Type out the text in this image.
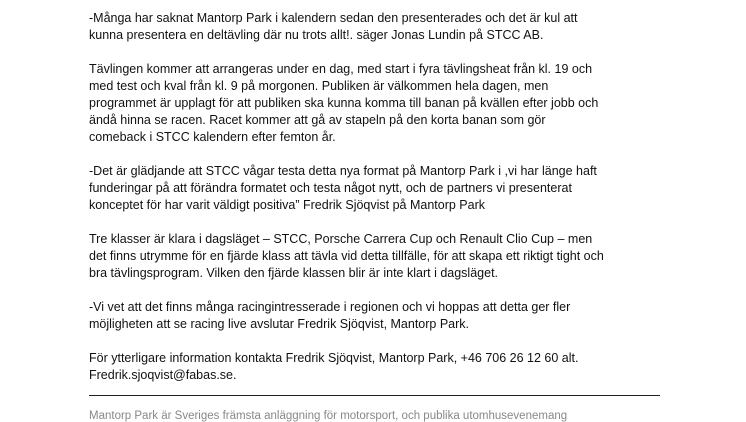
-Många har saknat Mantorp Park i kalendern sedan den presenterades och det är kul att
kunna presentera en deltävling där nu trots allt!. säger Jonas Lundin på STCC AB.

Tävlingen kommer att arrangeras under en dag, med start i fyra tävlingsheat från kl. 19 och
med test och kval från kl. 9 på morgonen. Publiken är välkommen hela dagen, men
programmet är upplagt för att publiken ska kunna komma till banan på kvällen efter jobb och
ändå hinna se racen. Racet kommer att gå av stapeln på den korta banan som gör
comeback i STCC kalendern efter femton år.

-Det är glädjande att STCC vågar testa detta nya format på Mantorp Park i ,vi har länge haft
funderingar på att förändra formatet och testa något nytt, och de partners vi presenterat
konceptet för har varit väldigt positiva” Fredrik Sjöqvist på Mantorp Park

Tre klasser är klara i dagsläget – STCC, Porsche Carrera Cup och Renault Clio Cup – men
det finns utrymme för en fjärde klass att tävla vid detta tillfälle, för att skapa ett riktigt tight och
bra tävlingsprogram. Vilken den fjärde klassen blir är inte klart i dagsläget.

-Vi vet att det finns många racingintresserade i regionen och vi hoppas att detta ger fler
möjligheten att se racing live avslutar Fredrik Sjöqvist, Mantorp Park.

För ytterligare information kontakta Fredrik Sjöqvist, Mantorp Park, +46 706 26 12 60 alt.
Fredrik.sjoqvist@fabas.se.

Mantorp Park är Sveriges främsta anläggning för motorsport, och publika utomhusevenemang
